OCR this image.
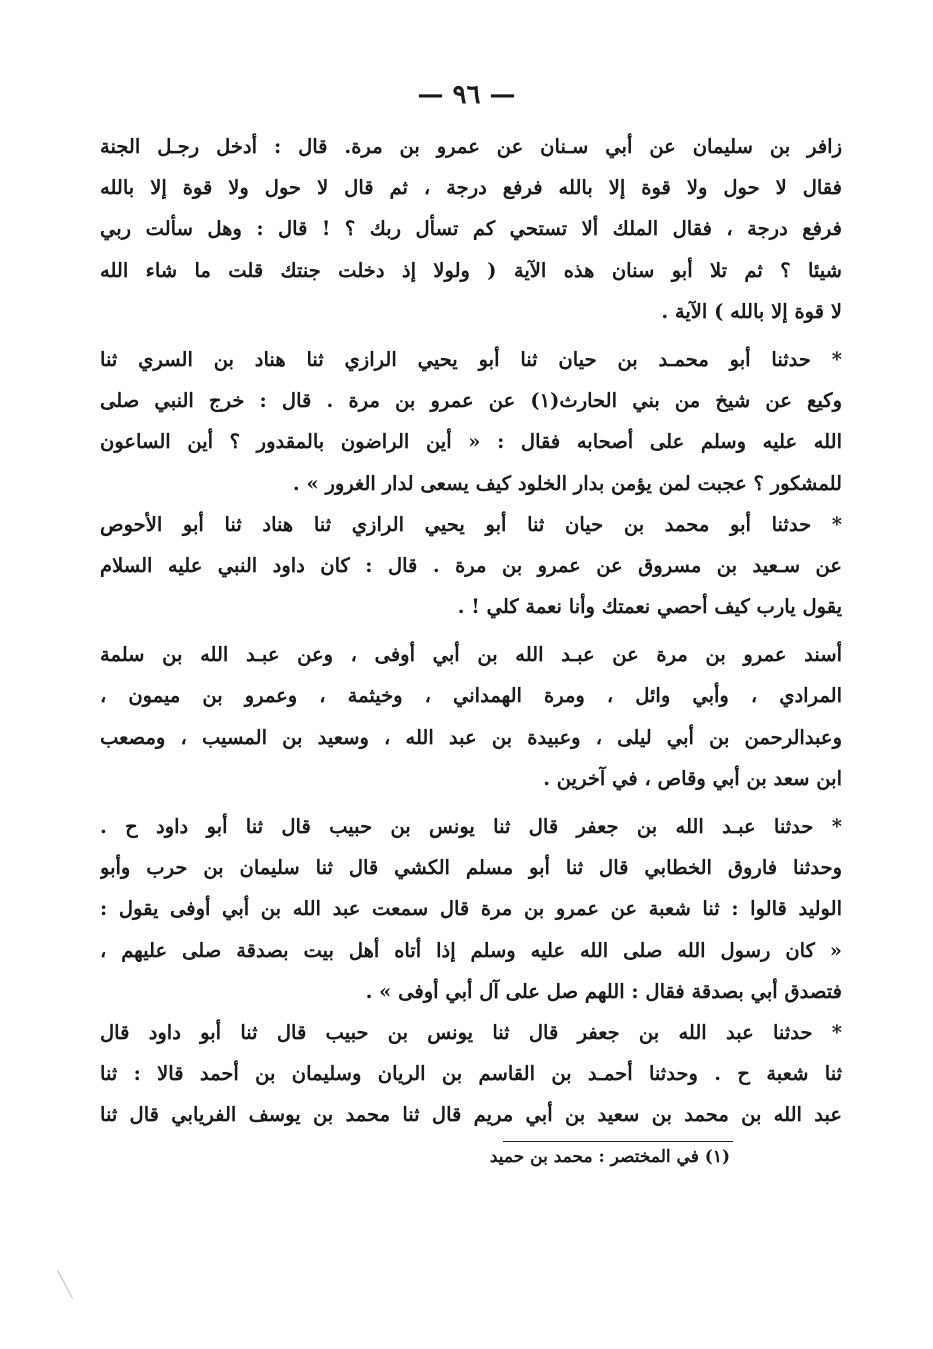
— ٩٦ —
زافر بن سليمان عن أبي سـنان عن عمرو بن مرة. قال : أدخل رجـل الجنة
فقال لا حول ولا قوة إلا بالله فرفع درجة ، ثم قال لا حول ولا قوة إلا بالله
فرفع درجة ، فقال الملك ألا تستحي كم تسأل ربك ؟ ! قال : وهل سألت ربي
شيئا ؟ ثم تلا أبو سنان هذه الآية ( ولولا إذ دخلت جنتك قلت ما شاء الله
لا قوة إلا بالله ) الآية .
* حدثنا أبو محمـد بن حيان ثنا أبو يحيي الرازي ثنا هناد بن السري ثنا
وكيع عن شيخ من بني الحارث(١) عن عمرو بن مرة . قال : خرج النبي صلى
الله عليه وسلم على أصحابه فقال : « أين الراضون بالمقدور ؟ أين الساعون
للمشكور ؟ عجبت لمن يؤمن بدار الخلود كيف يسعى لدار الغرور » .
* حدثنا أبو محمد بن حيان ثنا أبو يحيي الرازي ثنا هناد ثنا أبو الأحوص
عن سـعيد بن مسروق عن عمرو بن مرة . قال : كان داود النبي عليه السلام
يقول يارب كيف أحصي نعمتك وأنا نعمة كلي ! .
أسند عمرو بن مرة عن عبـد الله بن أبي أوفى ، وعن عبـد الله بن سلمة
المرادي ، وأبي وائل ، ومرة الهمداني ، وخيثمة ، وعمرو بن ميمون ،
وعبدالرحمن بن أبي ليلى ، وعبيدة بن عبد الله ، وسعيد بن المسيب ، ومصعب
ابن سعد بن أبي وقاص ، في آخرين .
* حدثنا عبـد الله بن جعفر قال ثنا يونس بن حبيب قال ثنا أبو داود ح .
وحدثنا فاروق الخطابي قال ثنا أبو مسلم الكشي قال ثنا سليمان بن حرب وأبو
الوليد قالوا : ثنا شعبة عن عمرو بن مرة قال سمعت عبد الله بن أبي أوفى يقول :
« كان رسول الله صلى الله عليه وسلم إذا أتاه أهل بيت بصدقة صلى عليهم ،
فتصدق أبي بصدقة فقال : اللهم صل على آل أبي أوفى » .
* حدثنا عبد الله بن جعفر قال ثنا يونس بن حبيب قال ثنا أبو داود قال
ثنا شعبة ح . وحدثنا أحمـد بن القاسم بن الريان وسليمان بن أحمد قالا : ثنا
عبد الله بن محمد بن سعيد بن أبي مريم قال ثنا محمد بن يوسف الفريابي قال ثنا
(١) في المختصر : محمد بن حميد
